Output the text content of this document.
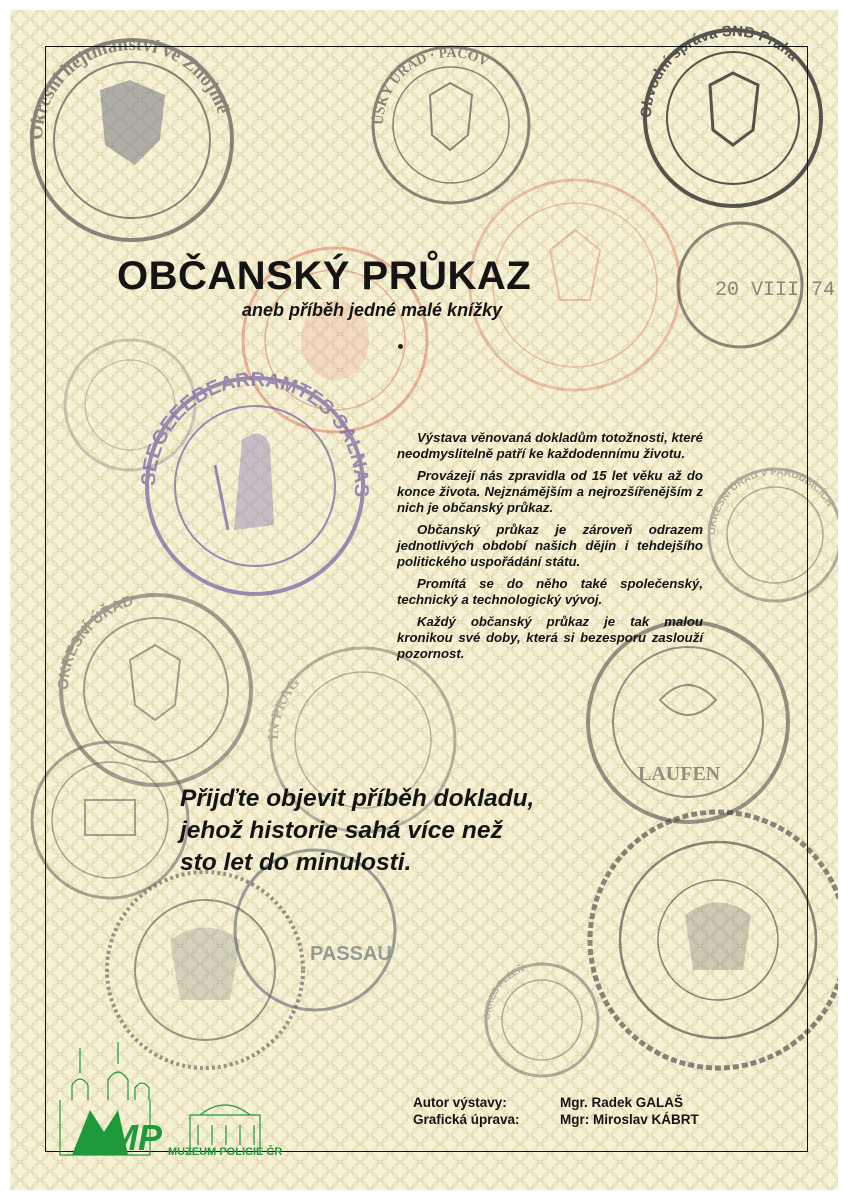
Okresní hejtmanství ve Znojmě
ÚSKÝ ÚŘAD · PACOV
Obvodní správa SNB Praha
20 VIII 74
SEEGEEEBEARRAMTES SALNAS
OKRESNÍ ÚŘAD
IN PRAG
LAUFEN
OKRESNÍ ÚŘAD V PARDUBICÍCH
PASSAU
OKRES PLZEŇ
OBČANSKÝ PRŮKAZ
aneb příběh jedné malé knížky

Výstava věnovaná dokladům totožnosti, které neodmyslitelně patří ke každodennímu životu.

Provázejí nás zpravidla od 15 let věku až do konce života. Nejznámějším a nejrozšířenějším z nich je občanský průkaz.

Občanský průkaz je zároveň odrazem jednotlivých období našich dějin i tehdejšího politického uspořádání státu.

Promítá se do něho také společenský, technický a technologický vývoj.

Každý občanský průkaz je tak malou kronikou své doby, která si bezesporu zaslouží pozornost.

Přijďte objevit příběh dokladu,
jehož historie sahá více než
sto let do minulosti.
Autor výstavy:	Mgr. Radek GALAŠ
Grafická úprava:	Mgr: Miroslav KÁBRT
MP MUZEUM POLICIE ČR
